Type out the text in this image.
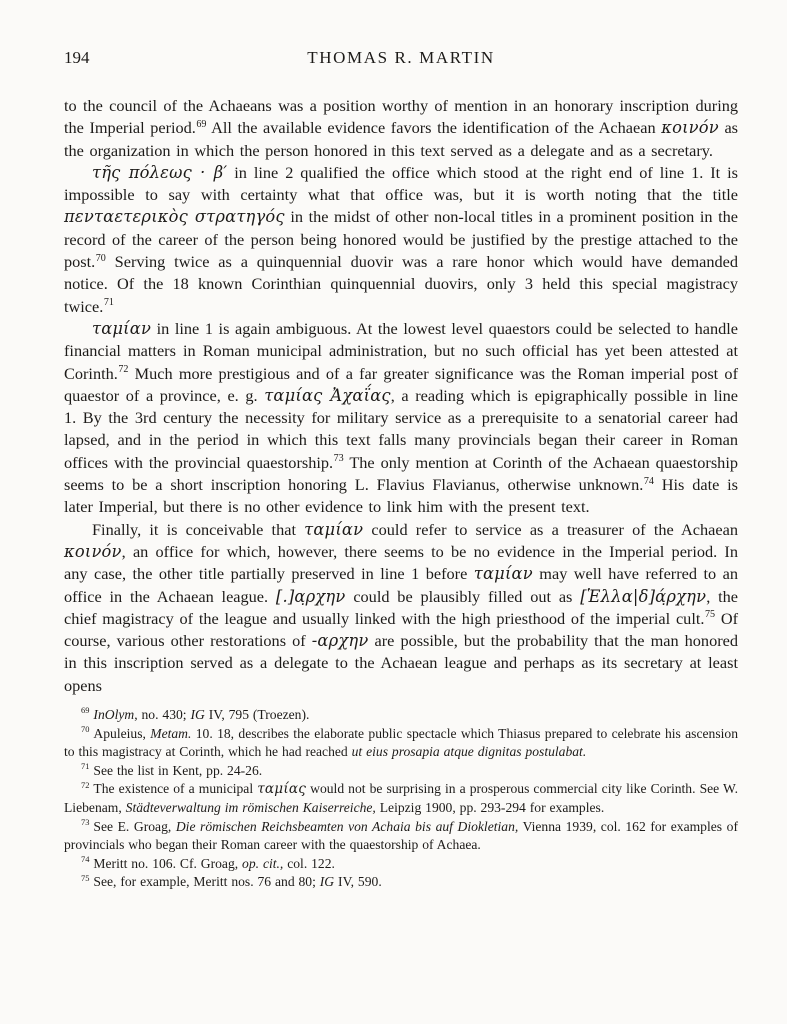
194	THOMAS R. MARTIN

to the council of the Achaeans was a position worthy of mention in an honorary inscription during the Imperial period.$^{69}$ All the available evidence favors the identification of the Achaean κοινόν as the organization in which the person honored in this text served as a delegate and as a secretary.

τῆς πόλεως · β′ in line 2 qualified the office which stood at the right end of line 1. It is impossible to say with certainty what that office was, but it is worth noting that the title πενταετερικὸς στρατηγός in the midst of other non-local titles in a prominent position in the record of the career of the person being honored would be justified by the prestige attached to the post.$^{70}$ Serving twice as a quinquennial duovir was a rare honor which would have demanded notice. Of the 18 known Corinthian quinquennial duovirs, only 3 held this special magistracy twice.$^{71}$

ταμίαν in line 1 is again ambiguous. At the lowest level quaestors could be selected to handle financial matters in Roman municipal administration, but no such official has yet been attested at Corinth.$^{72}$ Much more prestigious and of a far greater significance was the Roman imperial post of quaestor of a province, e. g. ταμίας Ἀχαΐας, a reading which is epigraphically possible in line 1. By the 3rd century the necessity for military service as a prerequisite to a senatorial career had lapsed, and in the period in which this text falls many provincials began their career in Roman offices with the provincial quaestorship.$^{73}$ The only mention at Corinth of the Achaean quaestorship seems to be a short inscription honoring L. Flavius Flavianus, otherwise unknown.$^{74}$ His date is later Imperial, but there is no other evidence to link him with the present text.

Finally, it is conceivable that ταμίαν could refer to service as a treasurer of the Achaean κοινόν, an office for which, however, there seems to be no evidence in the Imperial period. In any case, the other title partially preserved in line 1 before ταμίαν may well have referred to an office in the Achaean league. [.]α̣ρχην could be plausibly filled out as [Ἑλλα|δ]ά̣ρχην, the chief magistracy of the league and usually linked with the high priesthood of the imperial cult.$^{75}$ Of course, various other restorations of -αρχην are possible, but the probability that the man honored in this inscription served as a delegate to the Achaean league and perhaps as its secretary at least opens

$^{69}$ InOlym, no. 430; IG IV, 795 (Troezen).

$^{70}$ Apuleius, Metam. 10. 18, describes the elaborate public spectacle which Thiasus prepared to celebrate his ascension to this magistracy at Corinth, which he had reached ut eius prosapia atque dignitas postulabat.

$^{71}$ See the list in Kent, pp. 24-26.

$^{72}$ The existence of a municipal ταμίας would not be surprising in a prosperous commercial city like Corinth. See W. Liebenam, Städteverwaltung im römischen Kaiserreiche, Leipzig 1900, pp. 293-294 for examples.

$^{73}$ See E. Groag, Die römischen Reichsbeamten von Achaia bis auf Diokletian, Vienna 1939, col. 162 for examples of provincials who began their Roman career with the quaestorship of Achaea.

$^{74}$ Meritt no. 106. Cf. Groag, op. cit., col. 122.

$^{75}$ See, for example, Meritt nos. 76 and 80; IG IV, 590.
